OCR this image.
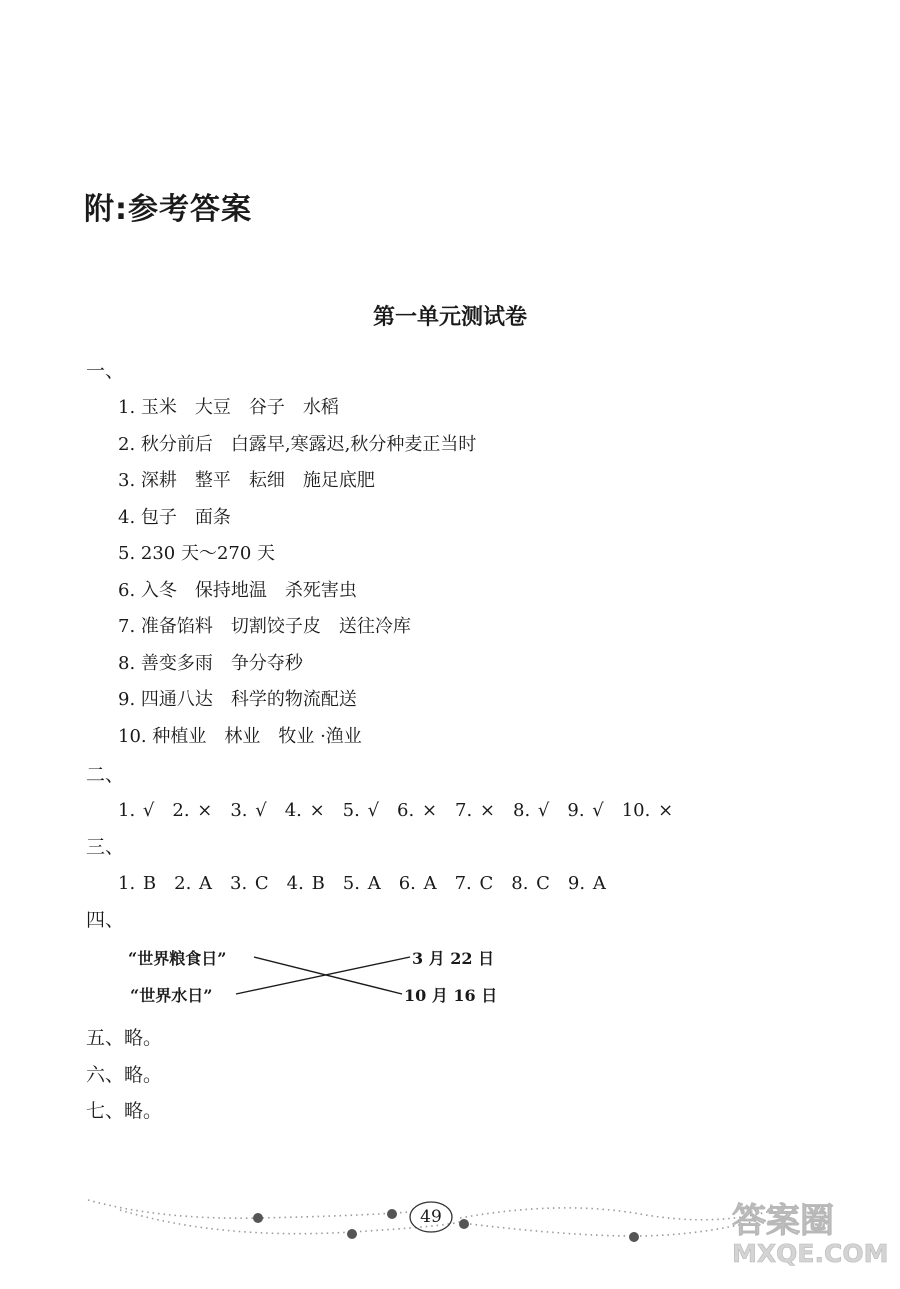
附:参考答案
第一单元测试卷
一、
1. 玉米　大豆　谷子　水稻
2. 秋分前后　白露早,寒露迟,秋分种麦正当时
3. 深耕　整平　耘细　施足底肥
4. 包子　面条
5. 230 天～270 天
6. 入冬　保持地温　杀死害虫
7. 准备馅料　切割饺子皮　送往冷库
8. 善变多雨　争分夺秒
9. 四通八达　科学的物流配送
10. 种植业　林业　牧业 ·渔业
二、
1. √　2. ×　3. √　4. ×　5. √　6. ×　7. ×　8. √　9. √　10. ×
三、
1. B　2. A　3. C　4. B　5. A　6. A　7. C　8. C　9. A
四、
“世界粮食日”
“世界水日”
3 月 22 日
10 月 16 日
五、略。
六、略。
七、略。
49	答案圈
MXQE.COM
